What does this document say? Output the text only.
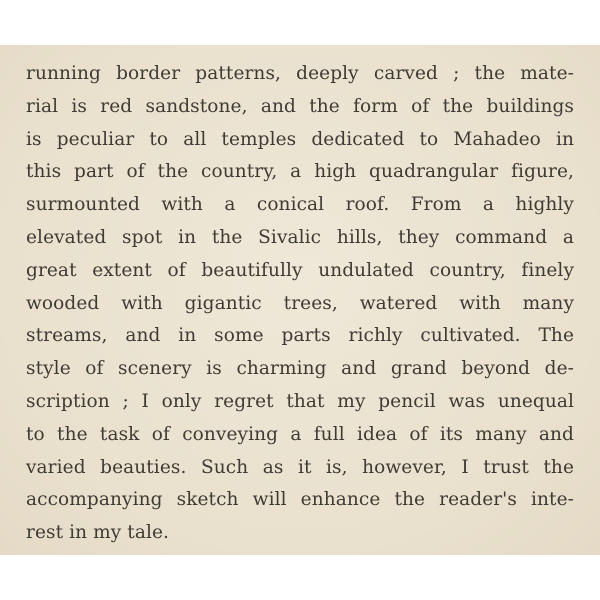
running border patterns, deeply carved ; the mate-
rial is red sandstone, and the form of the buildings
is peculiar to all temples dedicated to Mahadeo in
this part of the country, a high quadrangular figure,
surmounted with a conical roof. From a highly
elevated spot in the Sivalic hills, they command a
great extent of beautifully undulated country, finely
wooded with gigantic trees, watered with many
streams, and in some parts richly cultivated. The
style of scenery is charming and grand beyond de-
scription ; I only regret that my pencil was unequal
to the task of conveying a full idea of its many and
varied beauties. Such as it is, however, I trust the
accompanying sketch will enhance the reader's inte-
rest in my tale.
